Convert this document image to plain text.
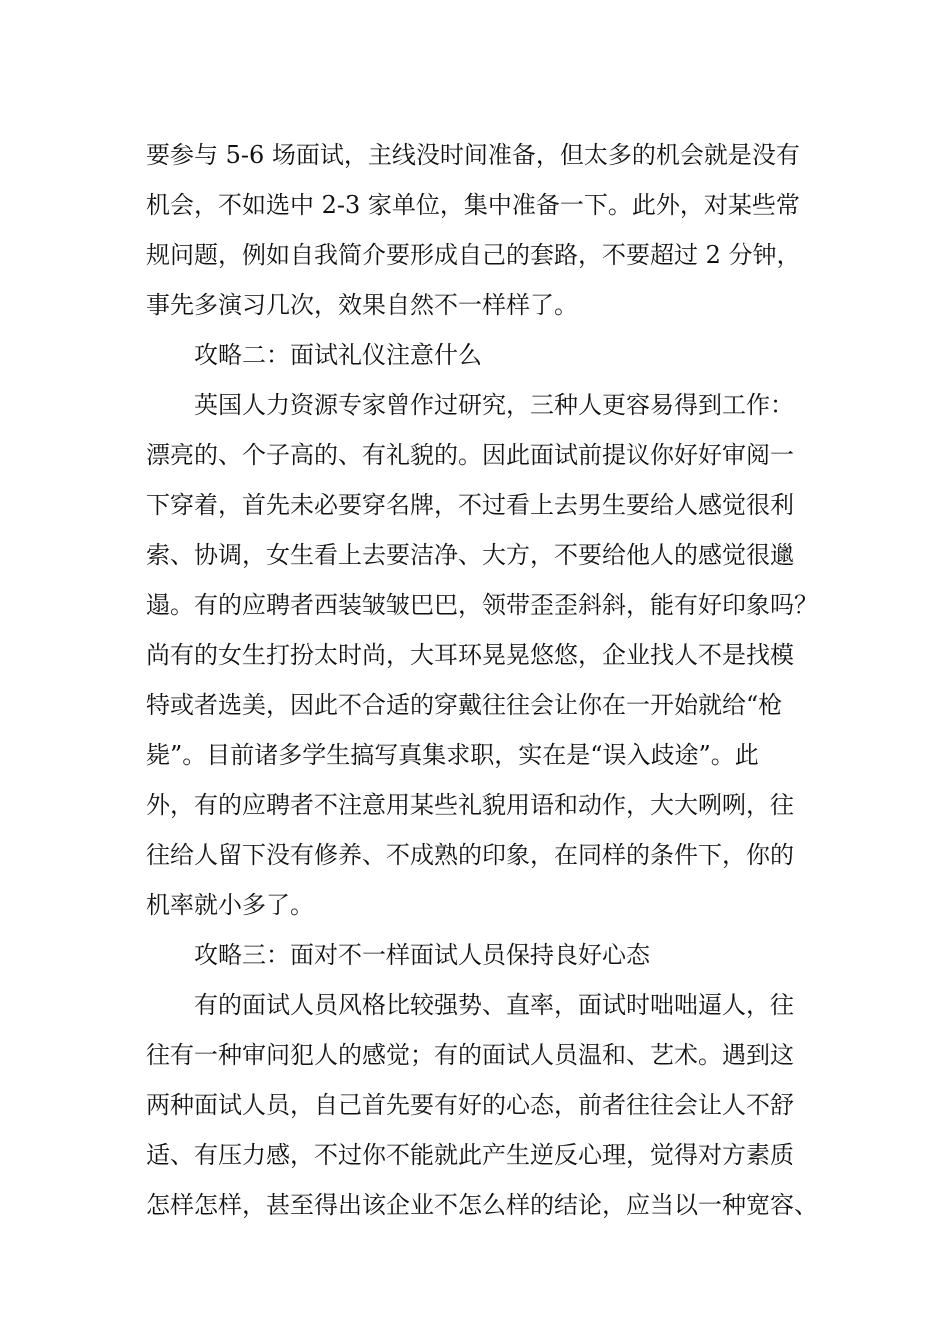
要参与 5-6 场面试，主线没时间准备，但太多的机会就是没有
机会，不如选中 2-3 家单位，集中准备一下。此外，对某些常
规问题，例如自我简介要形成自己的套路，不要超过 2 分钟，
事先多演习几次，效果自然不一样样了。
攻略二：面试礼仪注意什么
英国人力资源专家曾作过研究，三种人更容易得到工作：
漂亮的、个子高的、有礼貌的。因此面试前提议你好好审阅一
下穿着，首先未必要穿名牌，不过看上去男生要给人感觉很利
索、协调，女生看上去要洁净、大方，不要给他人的感觉很邋
遢。有的应聘者西装皱皱巴巴，领带歪歪斜斜，能有好印象吗？
尚有的女生打扮太时尚，大耳环晃晃悠悠，企业找人不是找模
特或者选美，因此不合适的穿戴往往会让你在一开始就给“枪
毙”。目前诸多学生搞写真集求职，实在是“误入歧途”。此
外，有的应聘者不注意用某些礼貌用语和动作，大大咧咧，往
往给人留下没有修养、不成熟的印象，在同样的条件下，你的
机率就小多了。
攻略三：面对不一样面试人员保持良好心态
有的面试人员风格比较强势、直率，面试时咄咄逼人，往
往有一种审问犯人的感觉；有的面试人员温和、艺术。遇到这
两种面试人员，自己首先要有好的心态，前者往往会让人不舒
适、有压力感，不过你不能就此产生逆反心理，觉得对方素质
怎样怎样，甚至得出该企业不怎么样的结论，应当以一种宽容、
